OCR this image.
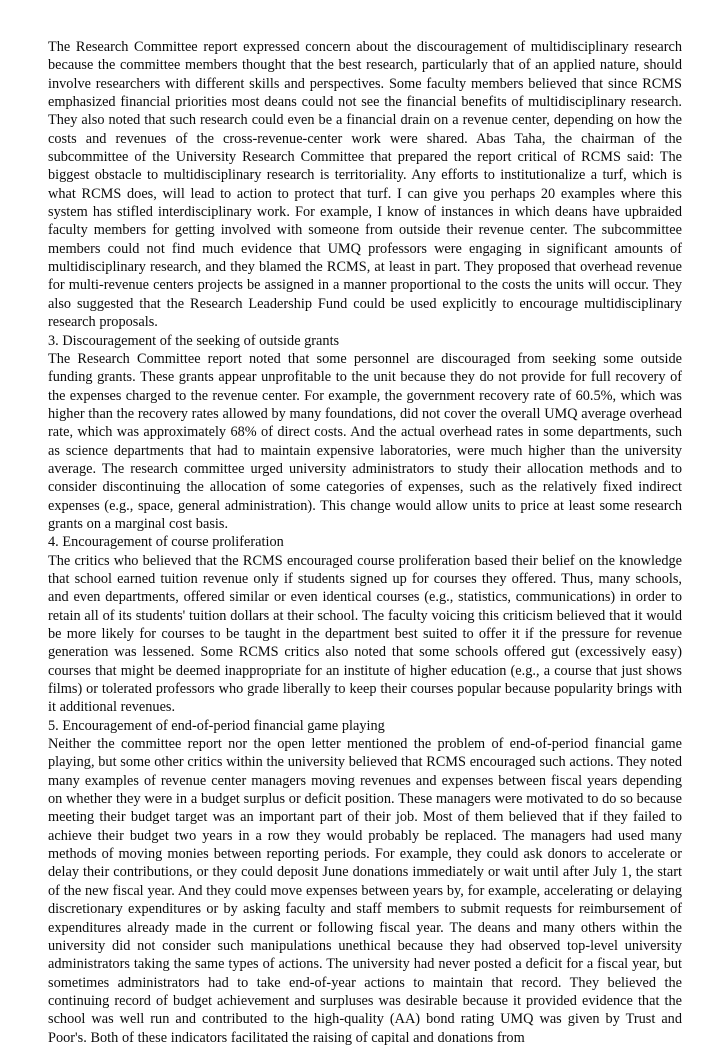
The Research Committee report expressed concern about the discouragement of multidisciplinary research because the committee members thought that the best research, particularly that of an applied nature, should involve researchers with different skills and perspectives. Some faculty members believed that since RCMS emphasized financial priorities most deans could not see the financial benefits of multidisciplinary research. They also noted that such research could even be a financial drain on a revenue center, depending on how the costs and revenues of the cross-revenue-center work were shared. Abas Taha, the chairman of the subcommittee of the University Research Committee that prepared the report critical of RCMS said: The biggest obstacle to multidisciplinary research is territoriality. Any efforts to institutionalize a turf, which is what RCMS does, will lead to action to protect that turf. I can give you perhaps 20 examples where this system has stifled interdisciplinary work. For example, I know of instances in which deans have upbraided faculty members for getting involved with someone from outside their revenue center. The subcommittee members could not find much evidence that UMQ professors were engaging in significant amounts of multidisciplinary research, and they blamed the RCMS, at least in part. They proposed that overhead revenue for multi-revenue centers projects be assigned in a manner proportional to the costs the units will occur. They also suggested that the Research Leadership Fund could be used explicitly to encourage multidisciplinary research proposals.

3. Discouragement of the seeking of outside grants

The Research Committee report noted that some personnel are discouraged from seeking some outside funding grants. These grants appear unprofitable to the unit because they do not provide for full recovery of the expenses charged to the revenue center. For example, the government recovery rate of 60.5%, which was higher than the recovery rates allowed by many foundations, did not cover the overall UMQ average overhead rate, which was approximately 68% of direct costs. And the actual overhead rates in some departments, such as science departments that had to maintain expensive laboratories, were much higher than the university average. The research committee urged university administrators to study their allocation methods and to consider discontinuing the allocation of some categories of expenses, such as the relatively fixed indirect expenses (e.g., space, general administration). This change would allow units to price at least some research grants on a marginal cost basis.

4. Encouragement of course proliferation

The critics who believed that the RCMS encouraged course proliferation based their belief on the knowledge that school earned tuition revenue only if students signed up for courses they offered. Thus, many schools, and even departments, offered similar or even identical courses (e.g., statistics, communications) in order to retain all of its students' tuition dollars at their school. The faculty voicing this criticism believed that it would be more likely for courses to be taught in the department best suited to offer it if the pressure for revenue generation was lessened. Some RCMS critics also noted that some schools offered gut (excessively easy) courses that might be deemed inappropriate for an institute of higher education (e.g., a course that just shows films) or tolerated professors who grade liberally to keep their courses popular because popularity brings with it additional revenues.

5. Encouragement of end-of-period financial game playing

Neither the committee report nor the open letter mentioned the problem of end-of-period financial game playing, but some other critics within the university believed that RCMS encouraged such actions. They noted many examples of revenue center managers moving revenues and expenses between fiscal years depending on whether they were in a budget surplus or deficit position. These managers were motivated to do so because meeting their budget target was an important part of their job. Most of them believed that if they failed to achieve their budget two years in a row they would probably be replaced. The managers had used many methods of moving monies between reporting periods. For example, they could ask donors to accelerate or delay their contributions, or they could deposit June donations immediately or wait until after July 1, the start of the new fiscal year. And they could move expenses between years by, for example, accelerating or delaying discretionary expenditures or by asking faculty and staff members to submit requests for reimbursement of expenditures already made in the current or following fiscal year. The deans and many others within the university did not consider such manipulations unethical because they had observed top-level university administrators taking the same types of actions. The university had never posted a deficit for a fiscal year, but sometimes administrators had to take end-of-year actions to maintain that record. They believed the continuing record of budget achievement and surpluses was desirable because it provided evidence that the school was well run and contributed to the high-quality (AA) bond rating UMQ was given by Trust and Poor's. Both of these indicators facilitated the raising of capital and donations from
